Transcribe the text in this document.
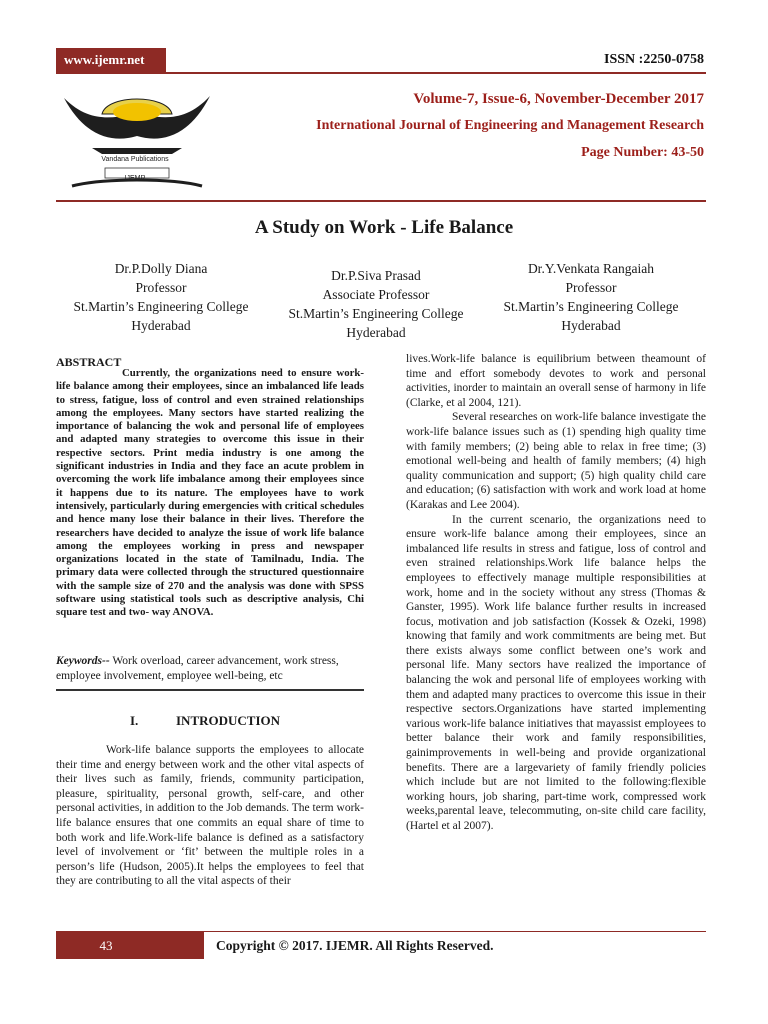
www.ijemr.net	ISSN :2250-0758
Volume-7, Issue-6, November-December 2017
International Journal of Engineering and Management Research
Page Number: 43-50
Vandana Publications
IJEMR
A Study on Work - Life Balance
Dr.P.Dolly Diana
Professor
St.Martin’s Engineering College
Hyderabad
Dr.P.Siva Prasad
Associate Professor
St.Martin’s Engineering College
Hyderabad
Dr.Y.Venkata Rangaiah
Professor
St.Martin’s Engineering College
Hyderabad
ABSTRACT
Currently, the organizations need to ensure work-life balance among their employees, since an imbalanced life leads to stress, fatigue, loss of control and even strained relationships among the employees. Many sectors have started realizing the importance of balancing the wok and personal life of employees and adapted many strategies to overcome this issue in their respective sectors. Print media industry is one among the significant industries in India and they face an acute problem in overcoming the work life imbalance among their employees since it happens due to its nature. The employees have to work intensively, particularly during emergencies with critical schedules and hence many lose their balance in their lives. Therefore the researchers have decided to analyze the issue of work life balance among the employees working in press and newspaper organizations located in the state of Tamilnadu, India. The primary data were collected through the structured questionnaire with the sample size of 270 and the analysis was done with SPSS software using statistical tools such as descriptive analysis, Chi square test and two- way ANOVA.
Keywords-- Work overload, career advancement, work stress, employee involvement, employee well-being, etc
I.	INTRODUCTION
Work-life balance supports the employees to allocate their time and energy between work and the other vital aspects of their lives such as family, friends, community participation, pleasure, spirituality, personal growth, self-care, and other personal activities, in addition to the Job demands. The term work-life balance ensures that one commits an equal share of time to both work and life.Work-life balance is defined as a satisfactory level of involvement or ‘fit’ between the multiple roles in a person’s life (Hudson, 2005).It helps the employees to feel that they are contributing to all the vital aspects of their

lives.Work-life balance is equilibrium between theamount of time and effort somebody devotes to work and personal activities, inorder to maintain an overall sense of harmony in life (Clarke, et al 2004, 121).

Several researches on work-life balance investigate the work-life balance issues such as (1) spending high quality time with family members; (2) being able to relax in free time; (3) emotional well-being and health of family members; (4) high quality communication and support; (5) high quality child care and education; (6) satisfaction with work and work load at home (Karakas and Lee 2004).

In the current scenario, the organizations need to ensure work-life balance among their employees, since an imbalanced life results in stress and fatigue, loss of control and even strained relationships.Work life balance helps the employees to effectively manage multiple responsibilities at work, home and in the society without any stress (Thomas & Ganster, 1995). Work life balance further results in increased focus, motivation and job satisfaction (Kossek & Ozeki, 1998) knowing that family and work commitments are being met. But there exists always some conflict between one’s work and personal life. Many sectors have realized the importance of balancing the wok and personal life of employees working with them and adapted many practices to overcome this issue in their respective sectors.Organizations have started implementing various work-life balance initiatives that mayassist employees to better balance their work and family responsibilities, gainimprovements in well-being and provide organizational benefits. There are a largevariety of family friendly policies which include but are not limited to the following:flexible working hours, job sharing, part-time work, compressed work weeks,parental leave, telecommuting, on-site child care facility, (Hartel et al 2007).

43	Copyright © 2017. IJEMR. All Rights Reserved.
